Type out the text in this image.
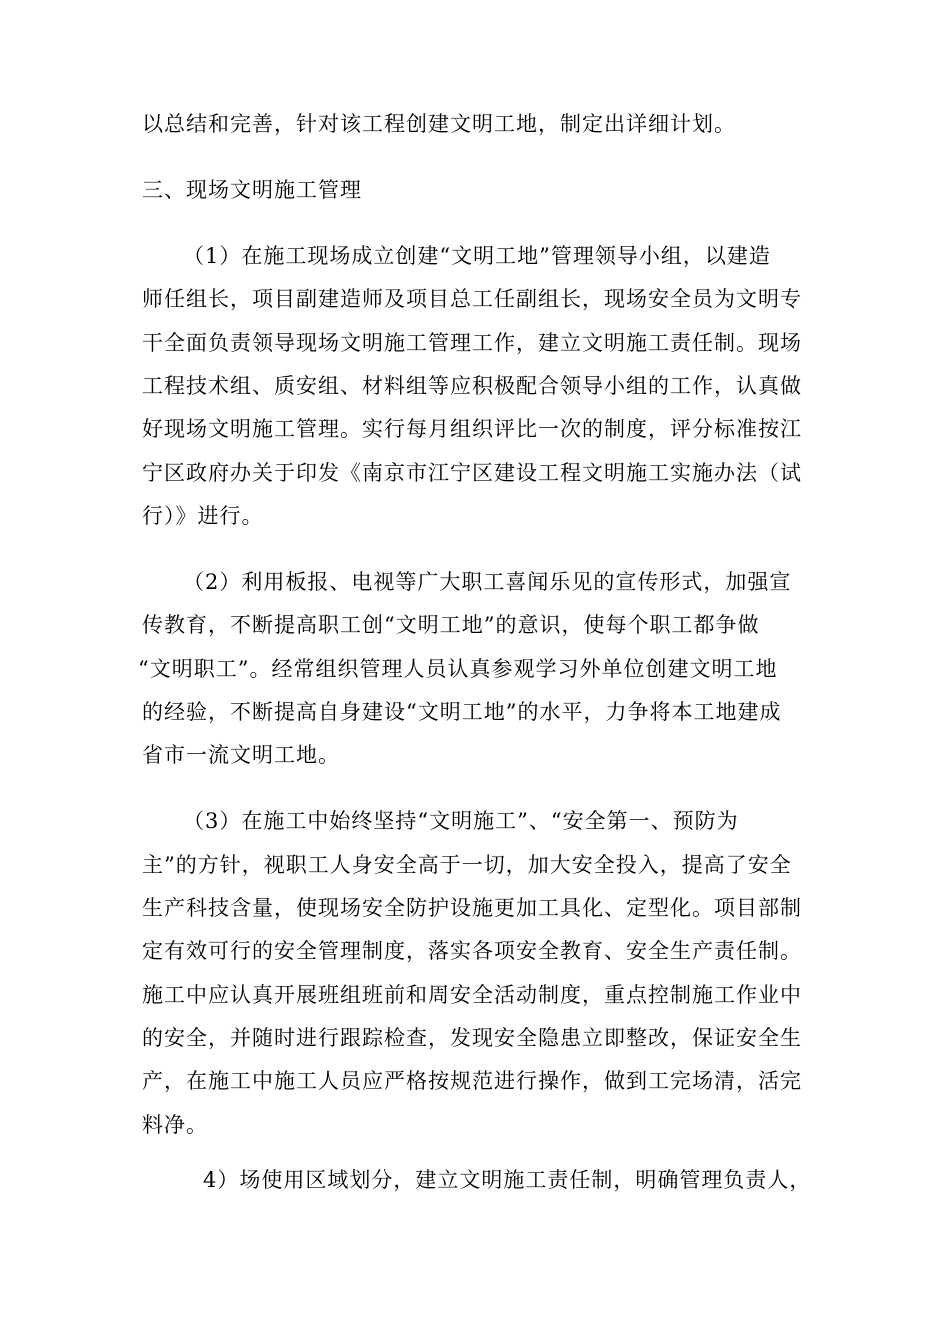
以总结和完善，针对该工程创建文明工地，制定出详细计划。
三、现场文明施工管理
（1）在施工现场成立创建“文明工地”管理领导小组，以建造
师任组长，项目副建造师及项目总工任副组长，现场安全员为文明专
干全面负责领导现场文明施工管理工作，建立文明施工责任制。现场
工程技术组、质安组、材料组等应积极配合领导小组的工作，认真做
好现场文明施工管理。实行每月组织评比一次的制度，评分标准按江
宁区政府办关于印发《南京市江宁区建设工程文明施工实施办法（试
行）》进行。
（2）利用板报、电视等广大职工喜闻乐见的宣传形式，加强宣
传教育，不断提高职工创“文明工地”的意识，使每个职工都争做
“文明职工”。经常组织管理人员认真参观学习外单位创建文明工地
的经验，不断提高自身建设“文明工地”的水平，力争将本工地建成
省市一流文明工地。
（3）在施工中始终坚持“文明施工”、“安全第一、预防为
主”的方针，视职工人身安全高于一切，加大安全投入，提高了安全
生产科技含量，使现场安全防护设施更加工具化、定型化。项目部制
定有效可行的安全管理制度，落实各项安全教育、安全生产责任制。
施工中应认真开展班组班前和周安全活动制度，重点控制施工作业中
的安全，并随时进行跟踪检查，发现安全隐患立即整改，保证安全生
产，在施工中施工人员应严格按规范进行操作，做到工完场清，活完
料净。
4）场使用区域划分，建立文明施工责任制，明确管理负责人，
